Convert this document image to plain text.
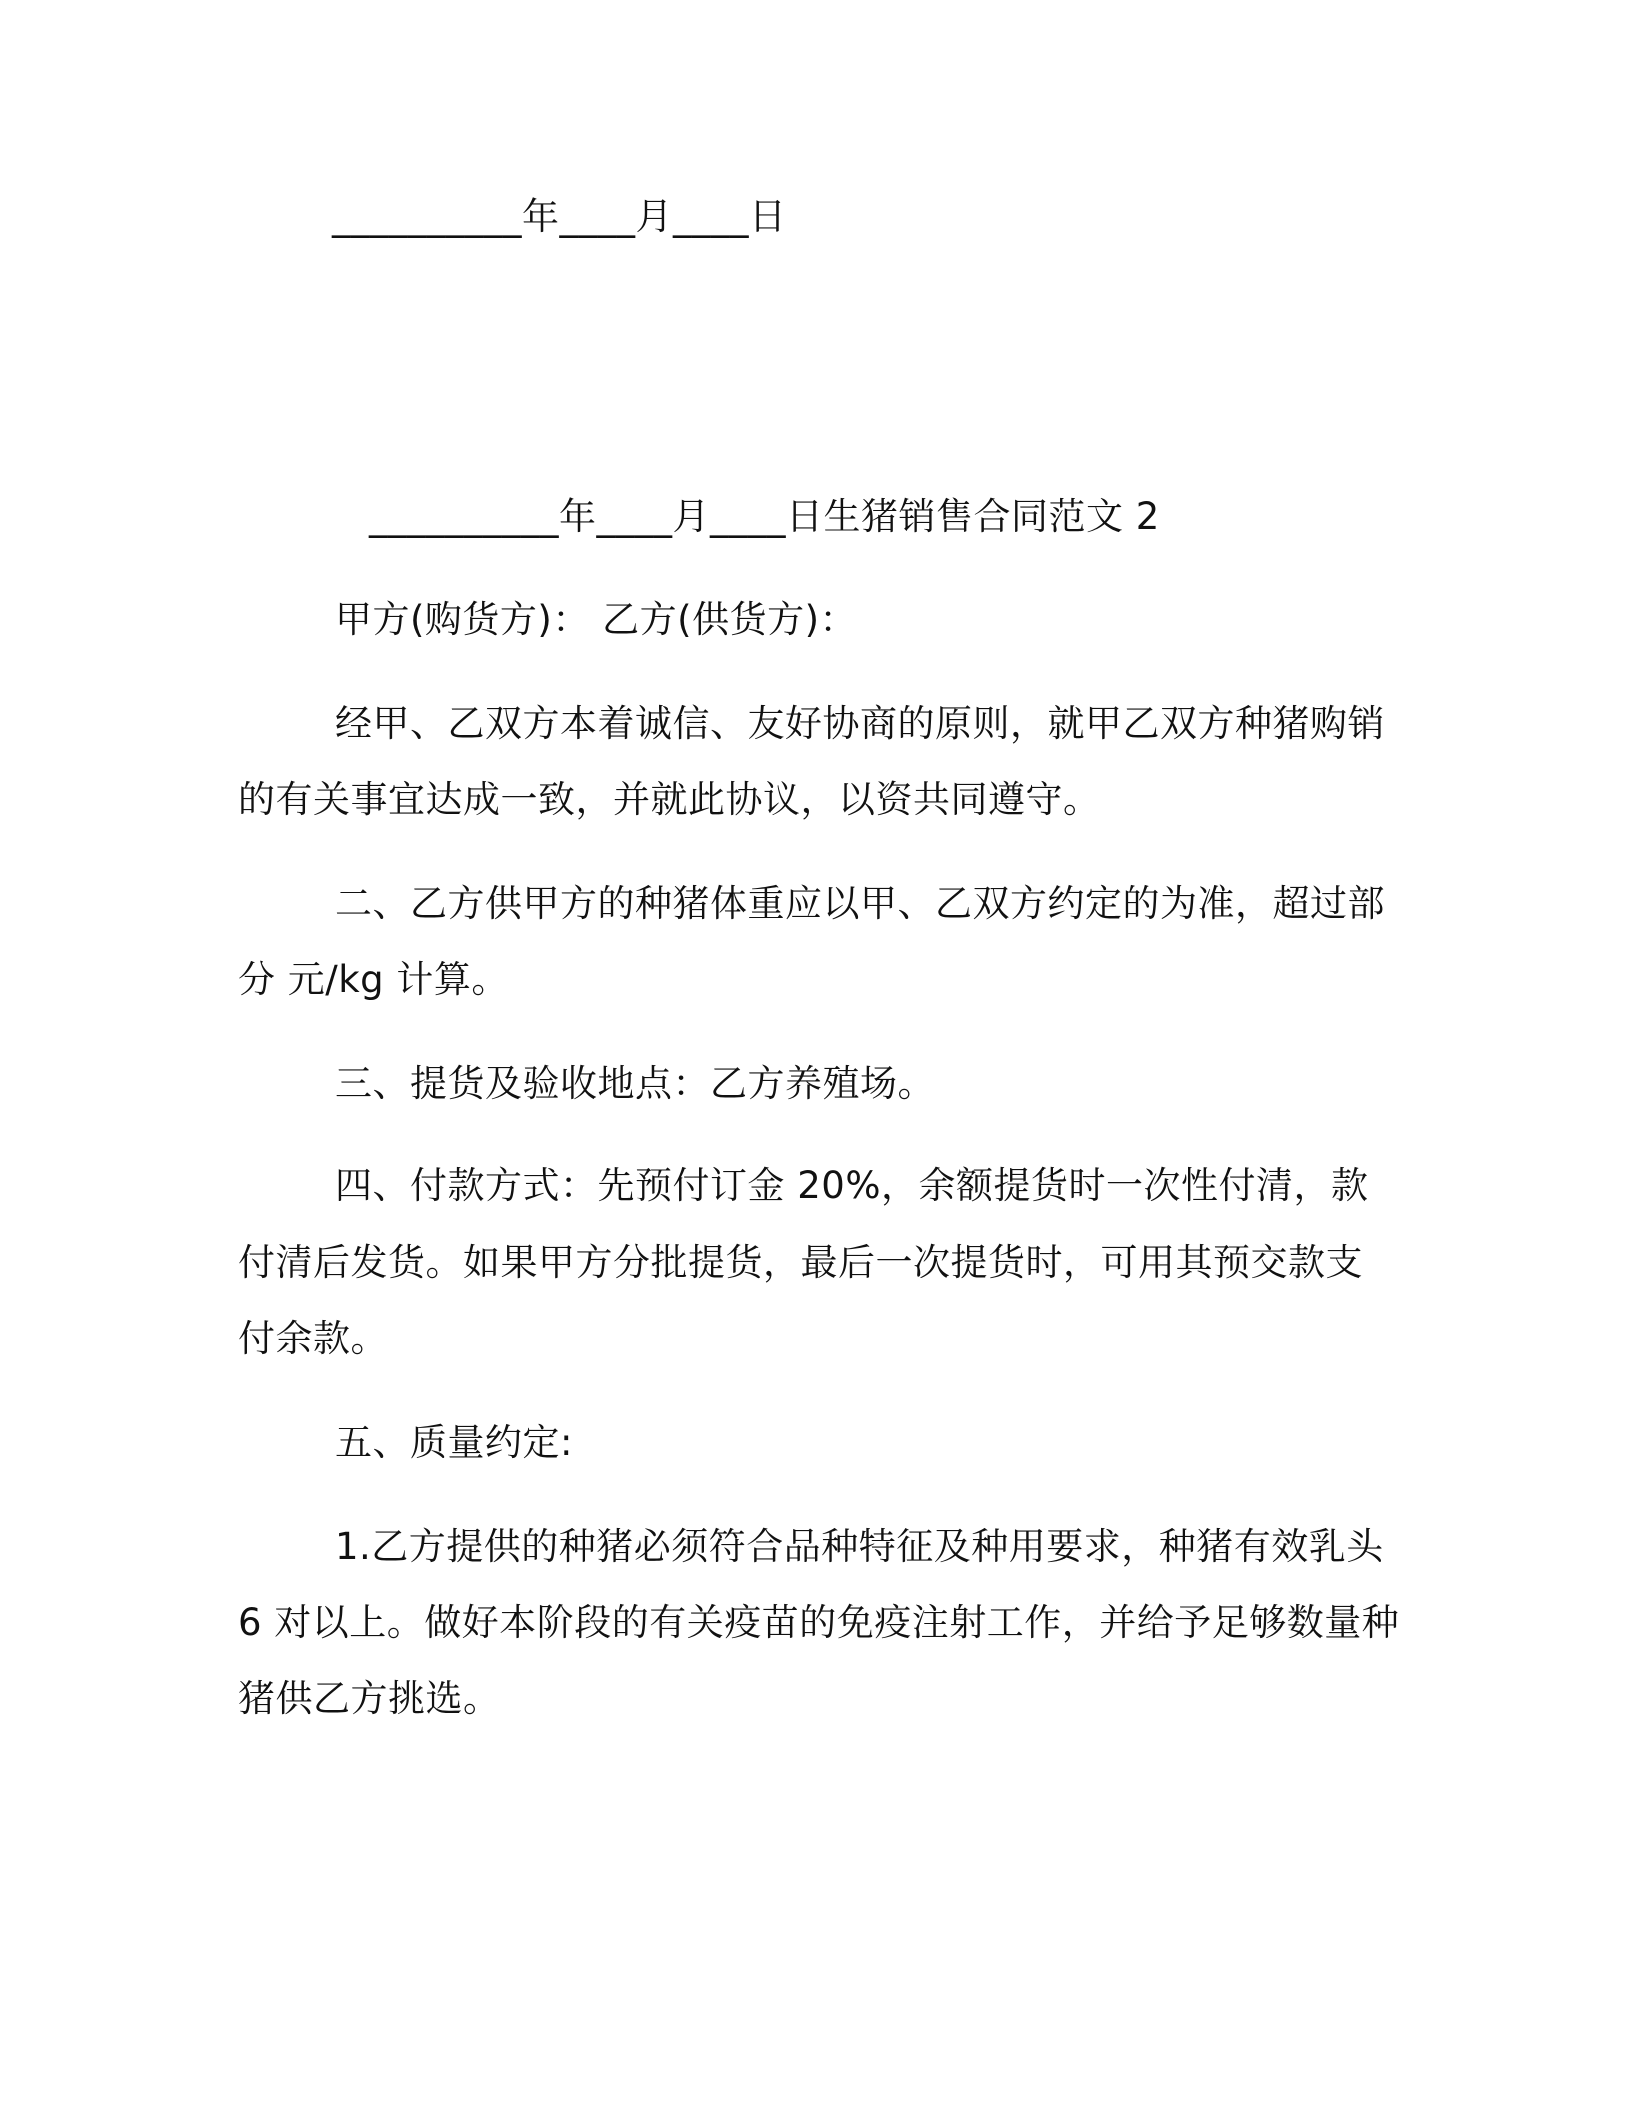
__________年____月____日
__________年____月____日生猪销售合同范文 2
甲方(购货方)： 乙方(供货方)：
经甲、乙双方本着诚信、友好协商的原则，就甲乙双方种猪购销
的有关事宜达成一致，并就此协议，以资共同遵守。
二、乙方供甲方的种猪体重应以甲、乙双方约定的为准，超过部
分 元/kg 计算。
三、提货及验收地点：乙方养殖场。
四、付款方式：先预付订金 20%，余额提货时一次性付清，款
付清后发货。如果甲方分批提货，最后一次提货时，可用其预交款支
付余款。
五、质量约定:
1.乙方提供的种猪必须符合品种特征及种用要求，种猪有效乳头
6 对以上。做好本阶段的有关疫苗的免疫注射工作，并给予足够数量种
猪供乙方挑选。
